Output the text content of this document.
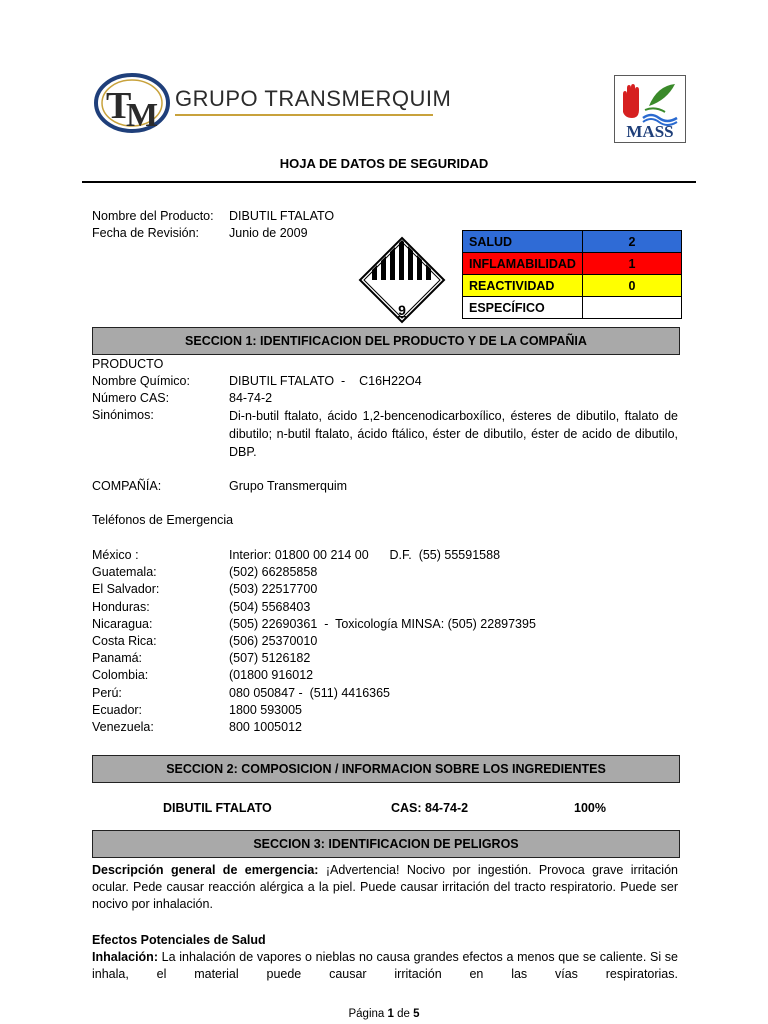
T
M GRUPO TRANSMERQUIM
MASS
HOJA DE DATOS DE SEGURIDAD
Nombre del Producto: DIBUTIL FTALATO
Fecha de Revisión: Junio de 2009
9
SALUD	2
INFLAMABILIDAD	1
REACTIVIDAD	0
ESPECÍFICO	
SECCION 1: IDENTIFICACION DEL PRODUCTO Y DE LA COMPAÑIA
PRODUCTO
Nombre Químico:	DIBUTIL FTALATO  -    C16H22O4
Número CAS:	84-74-2
Sinónimos:	Di-n-butil ftalato, ácido 1,2-bencenodicarboxílico, ésteres de dibutilo, ftalato de dibutilo; n-butil ftalato, ácido ftálico, éster de dibutilo, éster de acido de dibutilo, DBP.
COMPAÑÍA:	Grupo Transmerquim
Teléfonos de Emergencia
México :	Interior: 01800 00 214 00      D.F.  (55) 55591588
Guatemala:	(502) 66285858
El Salvador:	(503) 22517700
Honduras:	(504) 5568403
Nicaragua:	(505) 22690361  -  Toxicología MINSA: (505) 22897395
Costa Rica:	(506) 25370010
Panamá:	(507) 5126182
Colombia:	(01800 916012
Perú:	080 050847 -  (511) 4416365
Ecuador:	1800 593005
Venezuela:	800 1005012
SECCION 2: COMPOSICION / INFORMACION SOBRE LOS INGREDIENTES
DIBUTIL FTALATO	CAS: 84-74-2	100%
SECCION 3: IDENTIFICACION DE PELIGROS
Descripción general de emergencia: ¡Advertencia! Nocivo por ingestión. Provoca grave irritación ocular. Pede causar reacción alérgica a la piel. Puede causar irritación del tracto respiratorio. Puede ser nocivo por inhalación.
Efectos Potenciales de Salud
Inhalación: La inhalación de vapores o nieblas no causa grandes efectos a menos que se caliente. Si se inhala, el material puede causar irritación en las vías respiratorias.
Página 1 de 5
